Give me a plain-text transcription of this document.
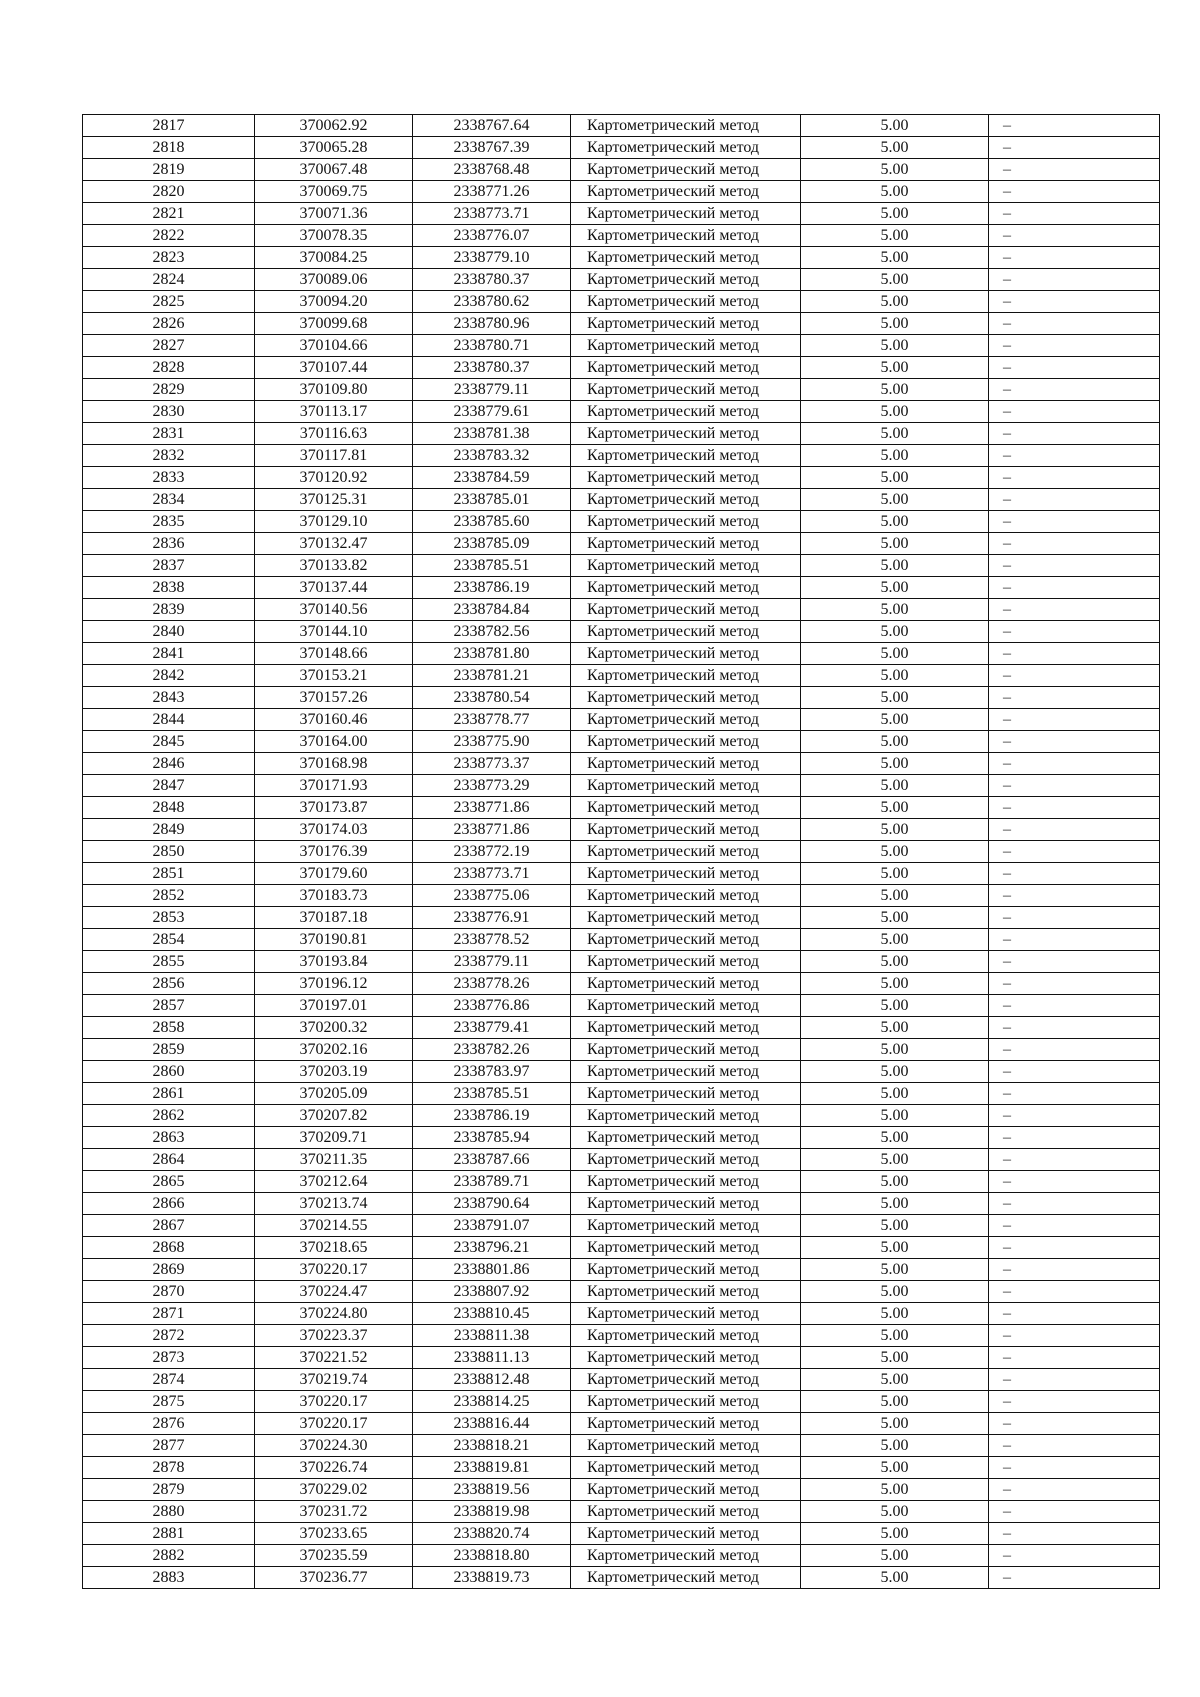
2817	370062.92	2338767.64	Картометрический метод	5.00	–
2818	370065.28	2338767.39	Картометрический метод	5.00	–
2819	370067.48	2338768.48	Картометрический метод	5.00	–
2820	370069.75	2338771.26	Картометрический метод	5.00	–
2821	370071.36	2338773.71	Картометрический метод	5.00	–
2822	370078.35	2338776.07	Картометрический метод	5.00	–
2823	370084.25	2338779.10	Картометрический метод	5.00	–
2824	370089.06	2338780.37	Картометрический метод	5.00	–
2825	370094.20	2338780.62	Картометрический метод	5.00	–
2826	370099.68	2338780.96	Картометрический метод	5.00	–
2827	370104.66	2338780.71	Картометрический метод	5.00	–
2828	370107.44	2338780.37	Картометрический метод	5.00	–
2829	370109.80	2338779.11	Картометрический метод	5.00	–
2830	370113.17	2338779.61	Картометрический метод	5.00	–
2831	370116.63	2338781.38	Картометрический метод	5.00	–
2832	370117.81	2338783.32	Картометрический метод	5.00	–
2833	370120.92	2338784.59	Картометрический метод	5.00	–
2834	370125.31	2338785.01	Картометрический метод	5.00	–
2835	370129.10	2338785.60	Картометрический метод	5.00	–
2836	370132.47	2338785.09	Картометрический метод	5.00	–
2837	370133.82	2338785.51	Картометрический метод	5.00	–
2838	370137.44	2338786.19	Картометрический метод	5.00	–
2839	370140.56	2338784.84	Картометрический метод	5.00	–
2840	370144.10	2338782.56	Картометрический метод	5.00	–
2841	370148.66	2338781.80	Картометрический метод	5.00	–
2842	370153.21	2338781.21	Картометрический метод	5.00	–
2843	370157.26	2338780.54	Картометрический метод	5.00	–
2844	370160.46	2338778.77	Картометрический метод	5.00	–
2845	370164.00	2338775.90	Картометрический метод	5.00	–
2846	370168.98	2338773.37	Картометрический метод	5.00	–
2847	370171.93	2338773.29	Картометрический метод	5.00	–
2848	370173.87	2338771.86	Картометрический метод	5.00	–
2849	370174.03	2338771.86	Картометрический метод	5.00	–
2850	370176.39	2338772.19	Картометрический метод	5.00	–
2851	370179.60	2338773.71	Картометрический метод	5.00	–
2852	370183.73	2338775.06	Картометрический метод	5.00	–
2853	370187.18	2338776.91	Картометрический метод	5.00	–
2854	370190.81	2338778.52	Картометрический метод	5.00	–
2855	370193.84	2338779.11	Картометрический метод	5.00	–
2856	370196.12	2338778.26	Картометрический метод	5.00	–
2857	370197.01	2338776.86	Картометрический метод	5.00	–
2858	370200.32	2338779.41	Картометрический метод	5.00	–
2859	370202.16	2338782.26	Картометрический метод	5.00	–
2860	370203.19	2338783.97	Картометрический метод	5.00	–
2861	370205.09	2338785.51	Картометрический метод	5.00	–
2862	370207.82	2338786.19	Картометрический метод	5.00	–
2863	370209.71	2338785.94	Картометрический метод	5.00	–
2864	370211.35	2338787.66	Картометрический метод	5.00	–
2865	370212.64	2338789.71	Картометрический метод	5.00	–
2866	370213.74	2338790.64	Картометрический метод	5.00	–
2867	370214.55	2338791.07	Картометрический метод	5.00	–
2868	370218.65	2338796.21	Картометрический метод	5.00	–
2869	370220.17	2338801.86	Картометрический метод	5.00	–
2870	370224.47	2338807.92	Картометрический метод	5.00	–
2871	370224.80	2338810.45	Картометрический метод	5.00	–
2872	370223.37	2338811.38	Картометрический метод	5.00	–
2873	370221.52	2338811.13	Картометрический метод	5.00	–
2874	370219.74	2338812.48	Картометрический метод	5.00	–
2875	370220.17	2338814.25	Картометрический метод	5.00	–
2876	370220.17	2338816.44	Картометрический метод	5.00	–
2877	370224.30	2338818.21	Картометрический метод	5.00	–
2878	370226.74	2338819.81	Картометрический метод	5.00	–
2879	370229.02	2338819.56	Картометрический метод	5.00	–
2880	370231.72	2338819.98	Картометрический метод	5.00	–
2881	370233.65	2338820.74	Картометрический метод	5.00	–
2882	370235.59	2338818.80	Картометрический метод	5.00	–
2883	370236.77	2338819.73	Картометрический метод	5.00	–
